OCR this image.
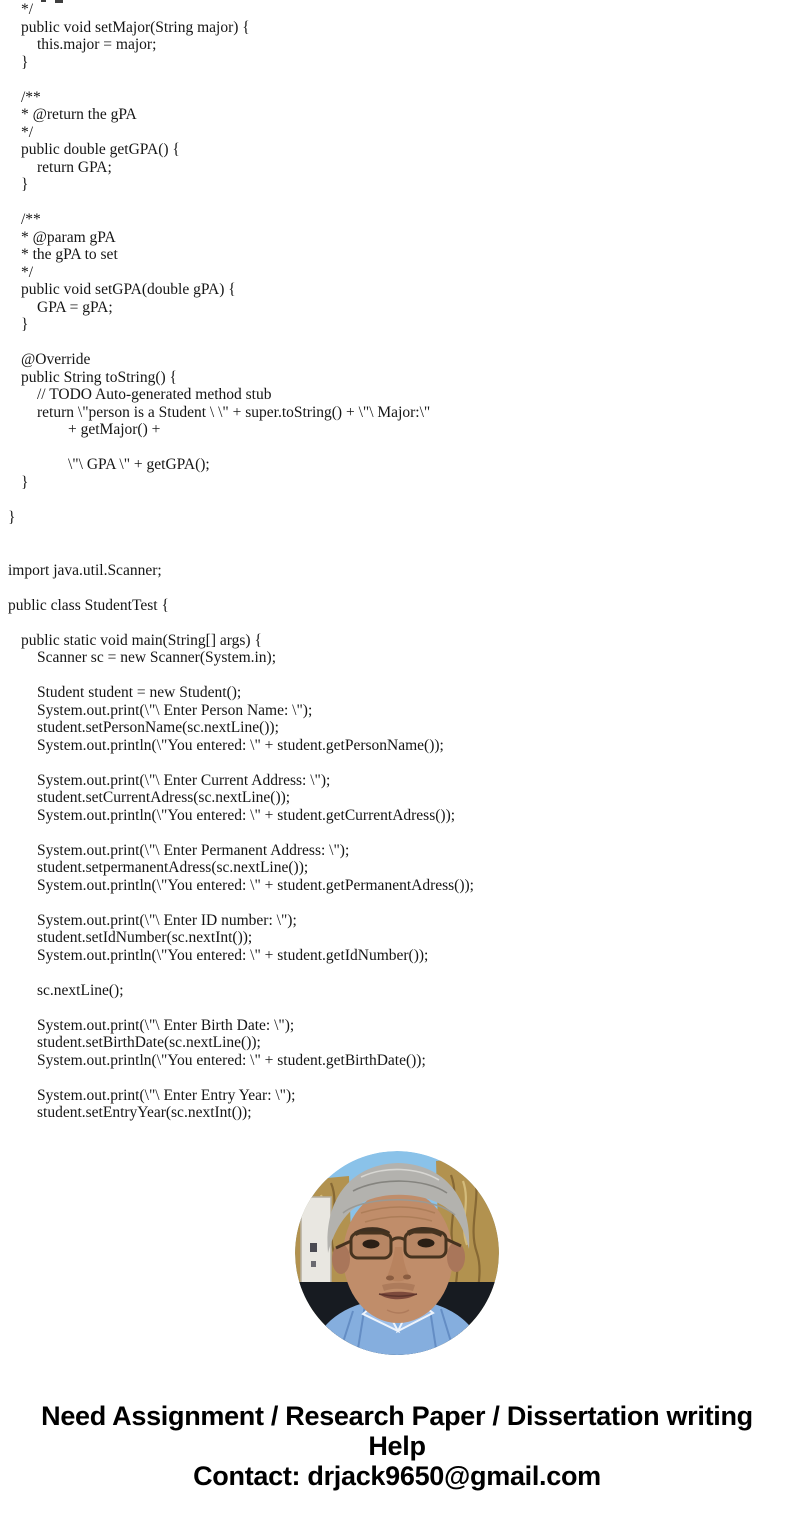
*/
public void setMajor(String major) {
this.major = major;
}

/**
* @return the gPA
*/
public double getGPA() {
return GPA;
}

/**
* @param gPA
* the gPA to set
*/
public void setGPA(double gPA) {
GPA = gPA;
}

@Override
public String toString() {
// TODO Auto-generated method stub
return \"person is a Student \ \" + super.toString() + \"\ Major:\"
+ getMajor() +

\"\ GPA \" + getGPA();
}

}

import java.util.Scanner;

public class StudentTest {

public static void main(String[] args) {
Scanner sc = new Scanner(System.in);

Student student = new Student();
System.out.print(\"\ Enter Person Name: \");
student.setPersonName(sc.nextLine());
System.out.println(\"You entered: \" + student.getPersonName());

System.out.print(\"\ Enter Current Address: \");
student.setCurrentAdress(sc.nextLine());
System.out.println(\"You entered: \" + student.getCurrentAdress());

System.out.print(\"\ Enter Permanent Address: \");
student.setpermanentAdress(sc.nextLine());
System.out.println(\"You entered: \" + student.getPermanentAdress());

System.out.print(\"\ Enter ID number: \");
student.setIdNumber(sc.nextInt());
System.out.println(\"You entered: \" + student.getIdNumber());

sc.nextLine();

System.out.print(\"\ Enter Birth Date: \");
student.setBirthDate(sc.nextLine());
System.out.println(\"You entered: \" + student.getBirthDate());

System.out.print(\"\ Enter Entry Year: \");
student.setEntryYear(sc.nextInt());
Need Assignment / Research Paper / Dissertation writing Help
Contact: drjack9650@gmail.com
